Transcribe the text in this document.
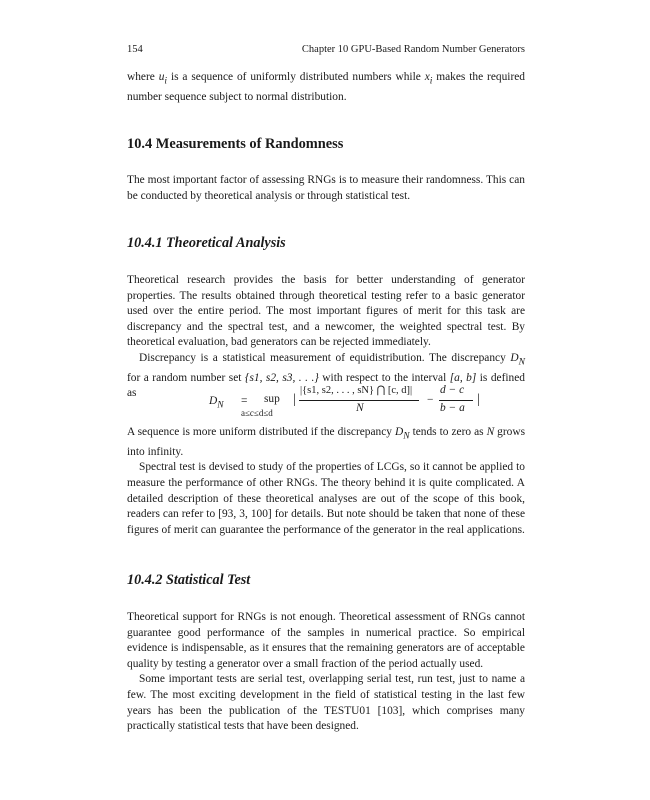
154	Chapter 10 GPU-Based Random Number Generators

where $u_i$ is a sequence of uniformly distributed numbers while $x_i$ makes the required number sequence subject to normal distribution.

10.4 Measurements of Randomness

The most important factor of assessing RNGs is to measure their randomness. This can be conducted by theoretical analysis or through statistical test.

10.4.1 Theoretical Analysis

Theoretical research provides the basis for better understanding of generator properties. The results obtained through theoretical testing refer to a basic generator used over the entire period. The most important figures of merit for this task are discrepancy and the spectral test, and a newcomer, the weighted spectral test. By theoretical evaluation, bad generators can be rejected immediately.

Discrepancy is a statistical measurement of equidistribution. The discrepancy $D_N$ for a random number set {s1, s2, s3, . . .} with respect to the interval [a, b] is defined as

$D_N$ = sup
a≤c≤d≤d
|
|{s1, s2, . . . , sN} ⋂ [c, d]|
N
−
d − c
b − a
|

A sequence is more uniform distributed if the discrepancy $D_N$ tends to zero as N grows into infinity.

Spectral test is devised to study of the properties of LCGs, so it cannot be applied to measure the performance of other RNGs. The theory behind it is quite complicated. A detailed description of these theoretical analyses are out of the scope of this book, readers can refer to [93, 3, 100] for details. But note should be taken that none of these figures of merit can guarantee the performance of the generator in the real applications.

10.4.2 Statistical Test

Theoretical support for RNGs is not enough. Theoretical assessment of RNGs cannot guarantee good performance of the samples in numerical practice. So empirical evidence is indispensable, as it ensures that the remaining generators are of acceptable quality by testing a generator over a small fraction of the period actually used.

Some important tests are serial test, overlapping serial test, run test, just to name a few. The most exciting development in the field of statistical testing in the last few years has been the publication of the TESTU01 [103], which comprises many practically statistical tests that have been designed.
